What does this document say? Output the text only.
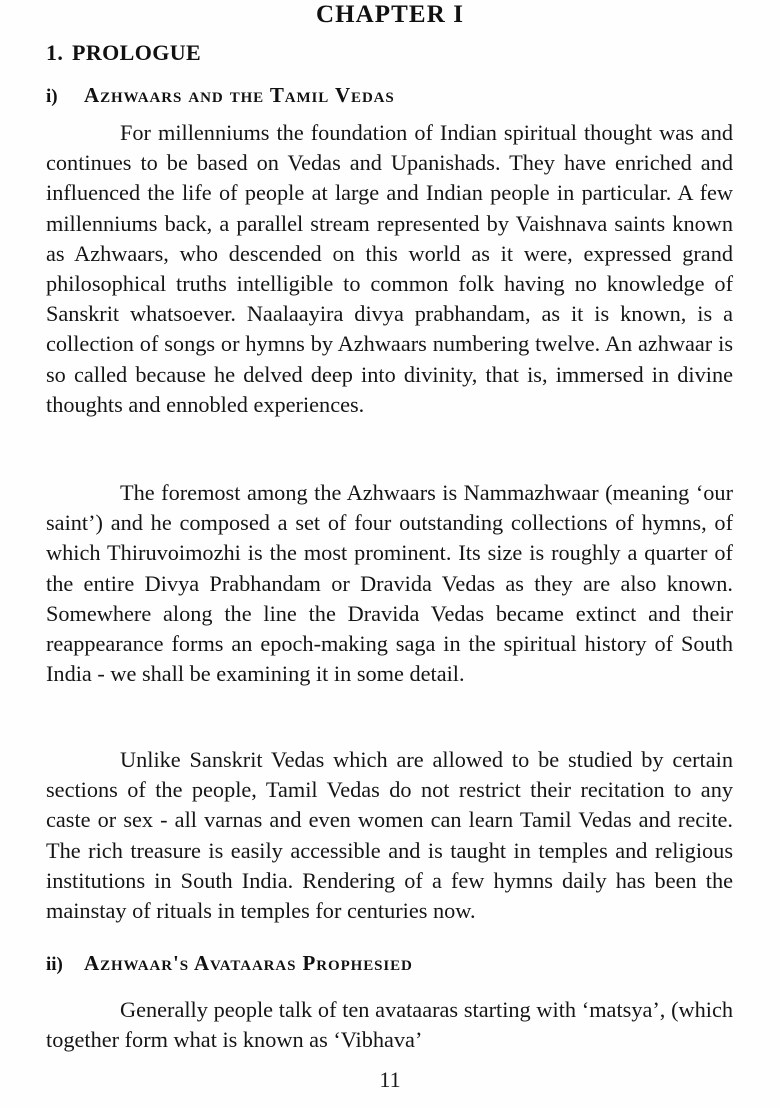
CHAPTER I
1. PROLOGUE
i) Azhwaars and the Tamil Vedas

For millenniums the foundation of Indian spiritual thought was and continues to be based on Vedas and Upanishads. They have enriched and influenced the life of people at large and Indian people in particular. A few millenniums back, a parallel stream represented by Vaishnava saints known as Azhwaars, who descended on this world as it were, expressed grand philosophical truths intelligible to common folk having no knowledge of Sanskrit whatsoever. Naalaayira divya prabhandam, as it is known, is a collection of songs or hymns by Azhwaars numbering twelve. An azhwaar is so called because he delved deep into divinity, that is, immersed in divine thoughts and ennobled experiences.

The foremost among the Azhwaars is Nammazhwaar (meaning ‘our saint’) and he composed a set of four outstanding collections of hymns, of which Thiruvoimozhi is the most prominent. Its size is roughly a quarter of the entire Divya Prabhandam or Dravida Vedas as they are also known. Somewhere along the line the Dravida Vedas became extinct and their reappearance forms an epoch-making saga in the spiritual history of South India - we shall be examining it in some detail.

Unlike Sanskrit Vedas which are allowed to be studied by certain sections of the people, Tamil Vedas do not restrict their recitation to any caste or sex - all varnas and even women can learn Tamil Vedas and recite. The rich treasure is easily accessible and is taught in temples and religious institutions in South India. Rendering of a few hymns daily has been the mainstay of rituals in temples for centuries now.

ii) Azhwaar's Avataaras Prophesied

Generally people talk of ten avataaras starting with ‘matsya’, (which together form what is known as ‘Vibhava’

11
